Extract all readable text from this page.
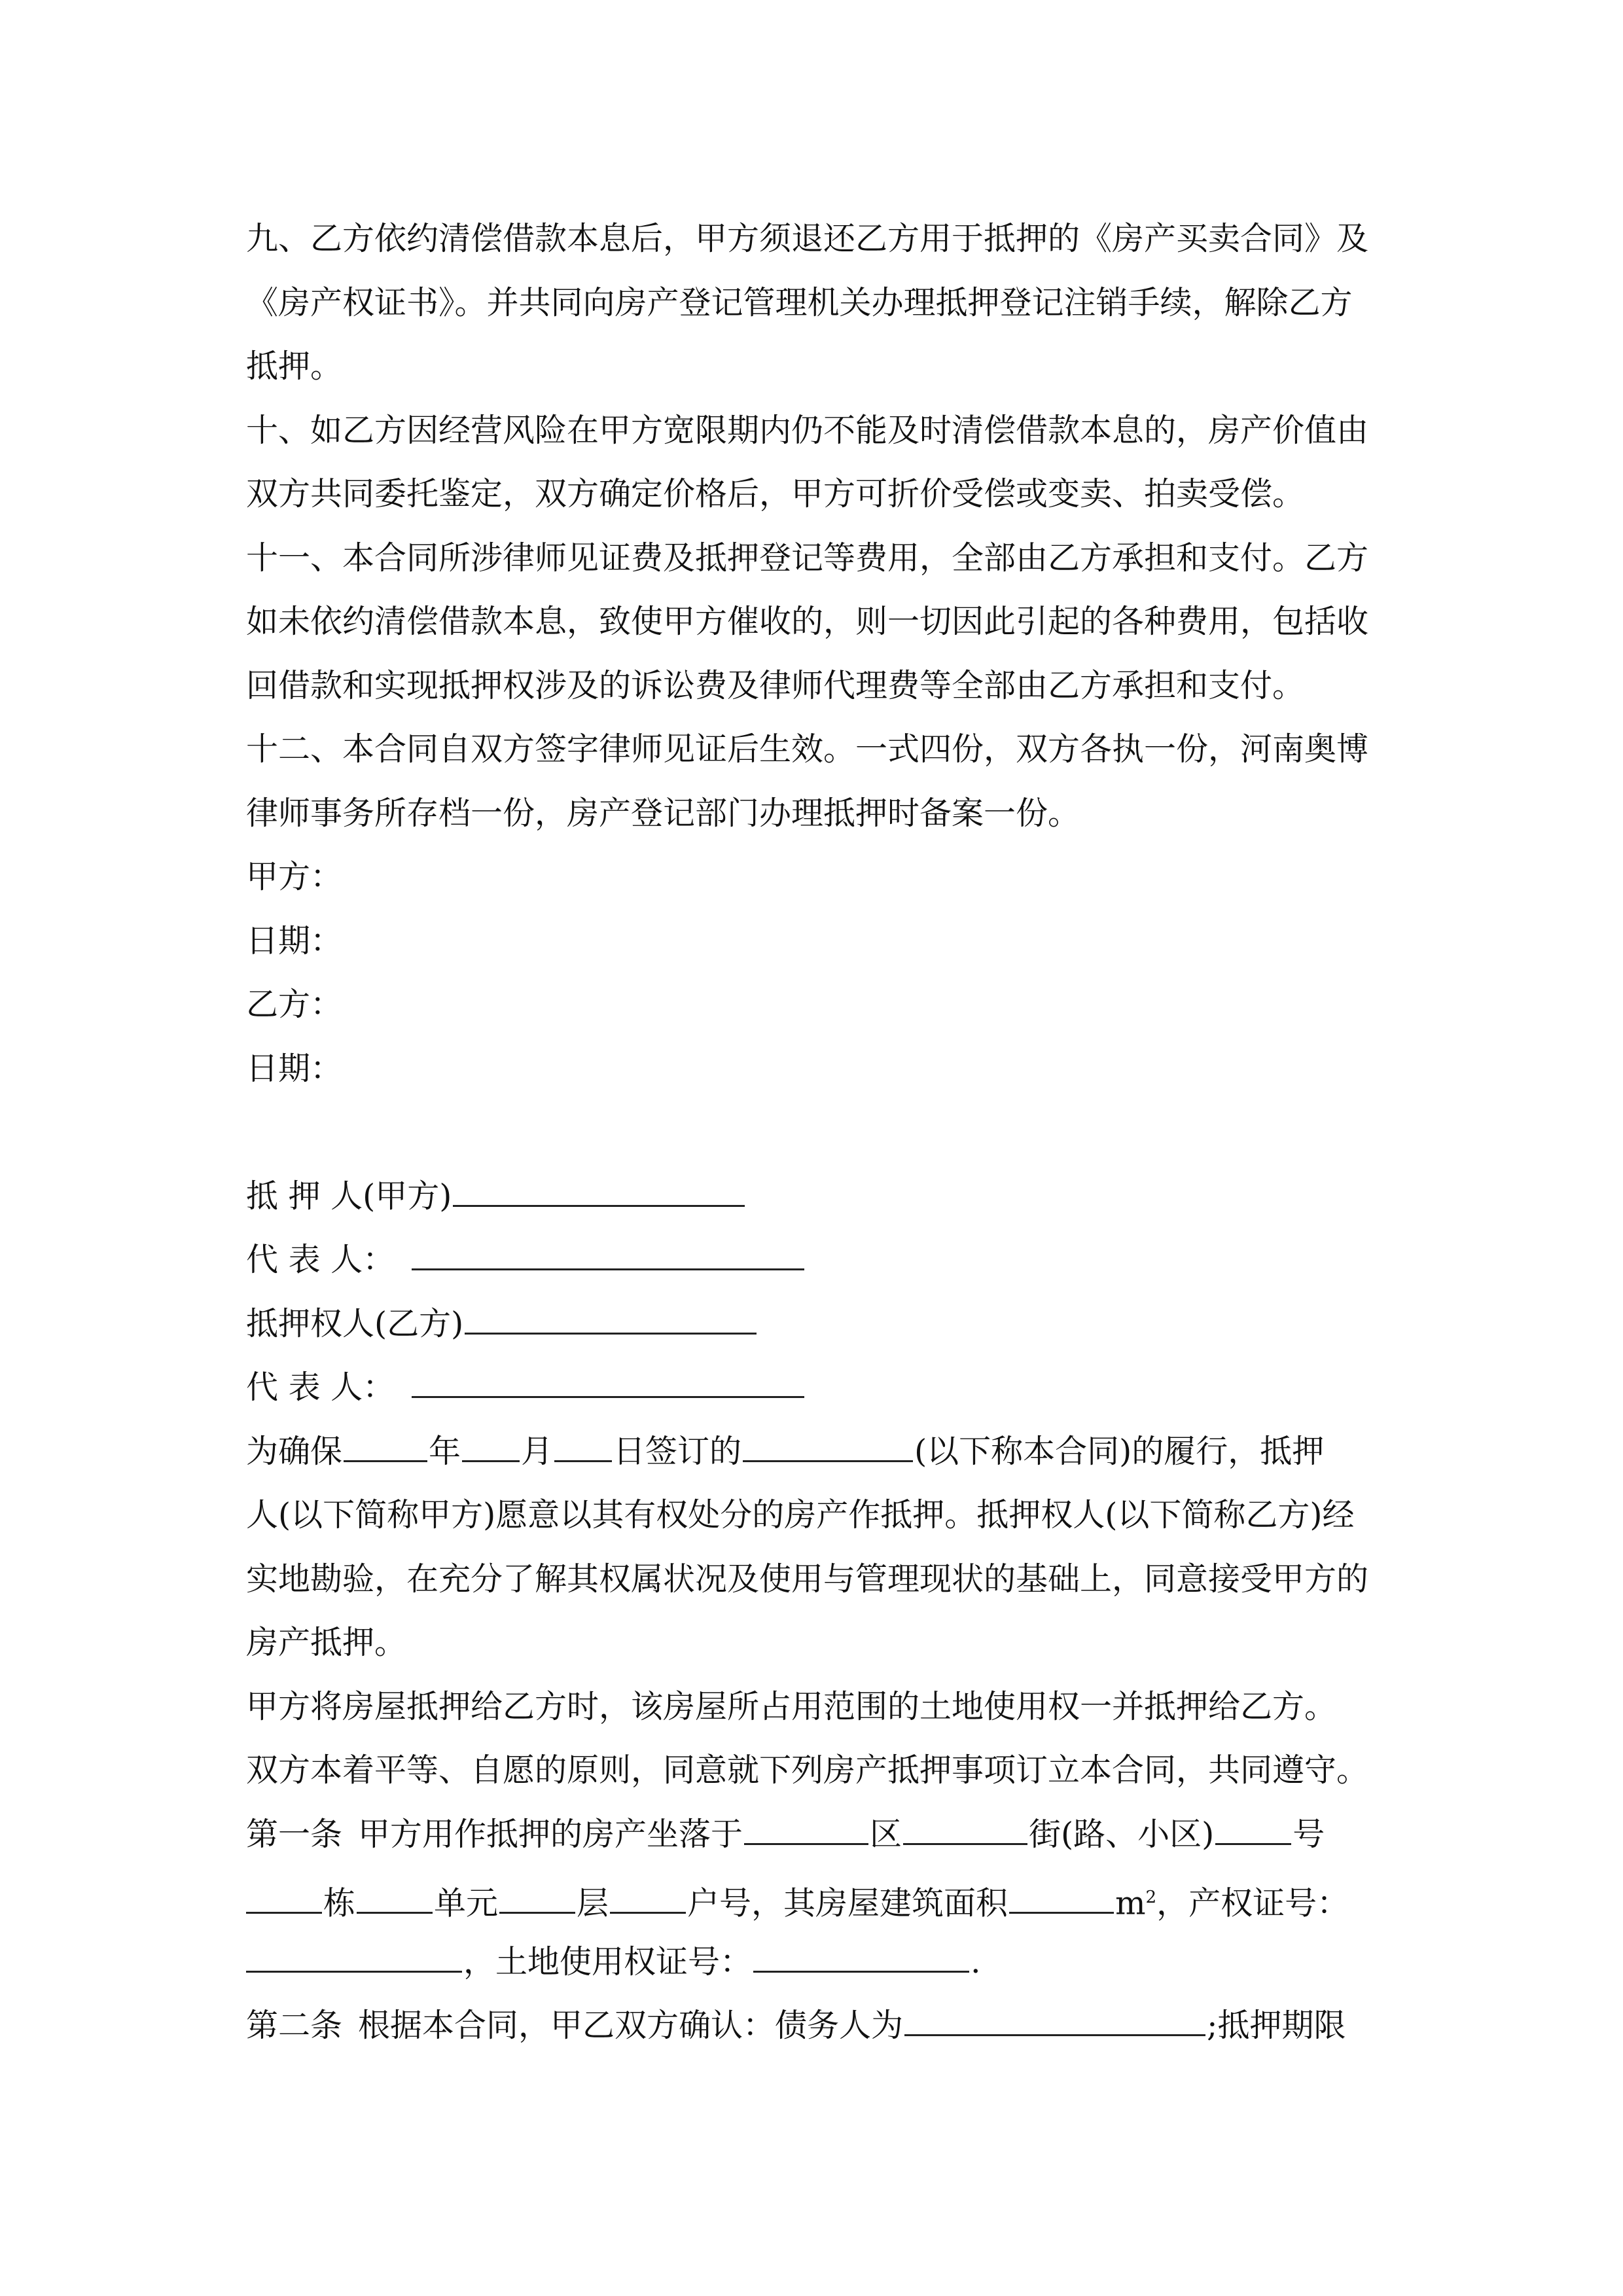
九、乙方依约清偿借款本息后，甲方须退还乙方用于抵押的《房产买卖合同》及
《房产权证书》。并共同向房产登记管理机关办理抵押登记注销手续，解除乙方
抵押。
十、如乙方因经营风险在甲方宽限期内仍不能及时清偿借款本息的，房产价值由
双方共同委托鉴定，双方确定价格后，甲方可折价受偿或变卖、拍卖受偿。
十一、本合同所涉律师见证费及抵押登记等费用，全部由乙方承担和支付。乙方
如未依约清偿借款本息，致使甲方催收的，则一切因此引起的各种费用，包括收
回借款和实现抵押权涉及的诉讼费及律师代理费等全部由乙方承担和支付。
十二、本合同自双方签字律师见证后生效。一式四份，双方各执一份，河南奥博
律师事务所存档一份，房产登记部门办理抵押时备案一份。
甲方：
日期：
乙方：
日期：
抵 押 人(甲方)
代 表 人：
抵押权人(乙方)
代 表 人：
为确保	年 月 日签订的	(以下称本合同)的履行，抵押
人(以下简称甲方)愿意以其有权处分的房产作抵押。抵押权人(以下简称乙方)经
实地勘验，在充分了解其权属状况及使用与管理现状的基础上，同意接受甲方的
房产抵押。
甲方将房屋抵押给乙方时，该房屋所占用范围的土地使用权一并抵押给乙方。
双方本着平等、自愿的原则，同意就下列房产抵押事项订立本合同，共同遵守。
第一条 甲方用作抵押的房产坐落于	区	街(路、小区) 号
栋 单元 层 户号，其房屋建筑面积	$m^2$，产权证号：
，土地使用权证号：	.
第二条 根据本合同，甲乙双方确认：债务人为	;抵押期限
